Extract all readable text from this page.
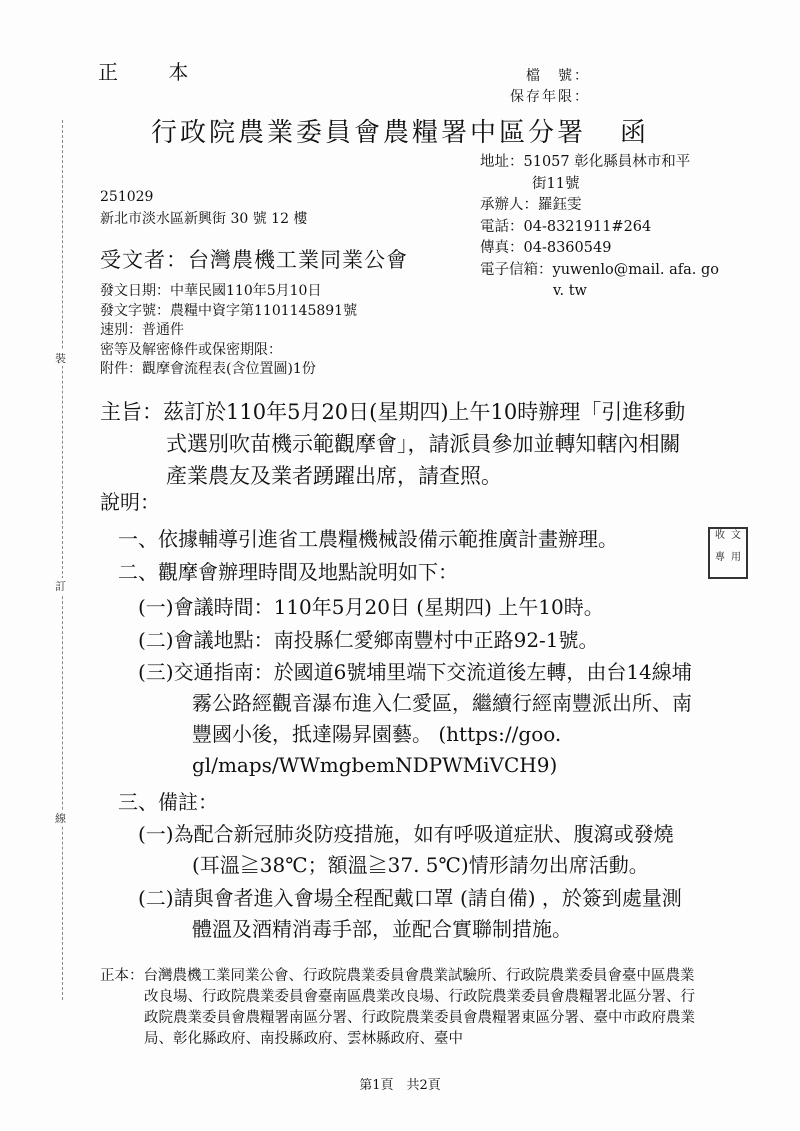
裝
訂
線
正 本	檔　號：
保存年限：
行政院農業委員會農糧署中區分署 函
地址：51057 彰化縣員林市和平
街11號
承辦人：羅鈺雯
電話：04-8321911#264
傳真：04-8360549
電子信箱：yuwenlo@mail. afa. go
v. tw
251029
新北市淡水區新興街 30 號 12 樓
受文者：台灣農機工業同業公會
發文日期：中華民國110年5月10日
發文字號：農糧中資字第1101145891號
速別：普通件
密等及解密條件或保密期限：
附件：觀摩會流程表(含位置圖)1份
主旨：茲訂於110年5月20日(星期四)上午10時辦理「引進移動式選別吹苗機示範觀摩會」，請派員參加並轉知轄內相關產業農友及業者踴躍出席，請查照。
說明：
一、依據輔導引進省工農糧機械設備示範推廣計畫辦理。
二、觀摩會辦理時間及地點說明如下：
(一)會議時間：110年5月20日 (星期四) 上午10時。
(二)會議地點：南投縣仁愛鄉南豐村中正路92-1號。
(三)交通指南：於國道6號埔里端下交流道後左轉，由台14線埔霧公路經觀音瀑布進入仁愛區，繼續行經南豐派出所、南豐國小後，抵達陽昇園藝。 (https://goo. gl/maps/WWmgbemNDPWMiVCH9)
三、備註：
(一)為配合新冠肺炎防疫措施，如有呼吸道症狀、腹瀉或發燒(耳溫≧38℃；額溫≧37. 5℃)情形請勿出席活動。
(二)請與會者進入會場全程配戴口罩 (請自備) ，於簽到處量測體溫及酒精消毒手部，並配合實聯制措施。
正本：台灣農機工業同業公會、行政院農業委員會農業試驗所、行政院農業委員會臺中區農業改良場、行政院農業委員會臺南區農業改良場、行政院農業委員會農糧署北區分署、行政院農業委員會農糧署南區分署、行政院農業委員會農糧署東區分署、臺中市政府農業局、彰化縣政府、南投縣政府、雲林縣政府、臺中
第1頁　共2頁
收 文
專 用
